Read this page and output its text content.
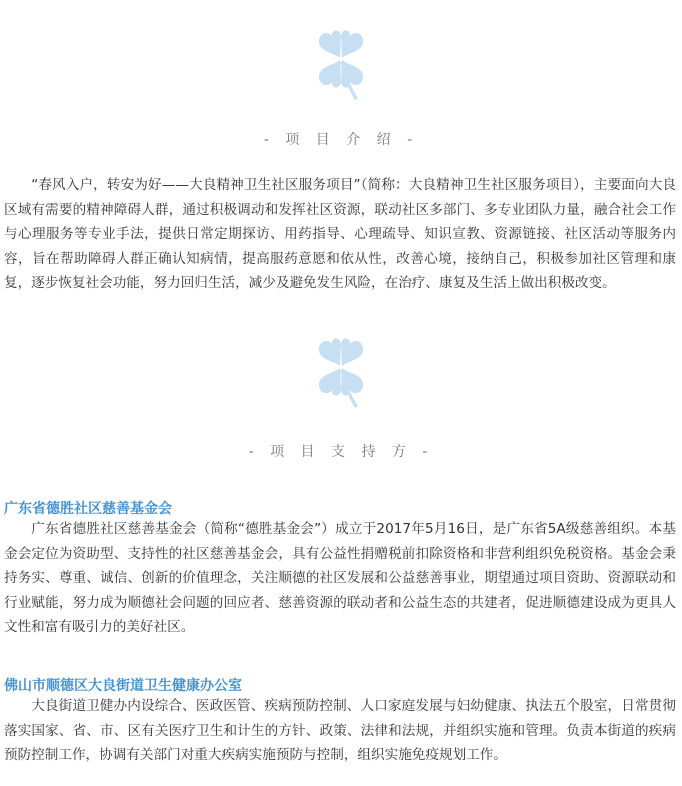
- 项 目 介 绍 -

“春风入户，转安为好——大良精神卫生社区服务项目”（简称：大良精神卫生社区服务项目），主要面向大良区域有需要的精神障碍人群，通过积极调动和发挥社区资源，联动社区多部门、多专业团队力量，融合社会工作与心理服务等专业手法，提供日常定期探访、用药指导、心理疏导、知识宣教、资源链接、社区活动等服务内容，旨在帮助障碍人群正确认知病情，提高服药意愿和依从性，改善心境，接纳自己，积极参加社区管理和康复，逐步恢复社会功能，努力回归生活，减少及避免发生风险，在治疗、康复及生活上做出积极改变。

- 项 目 支 持 方 -
广东省德胜社区慈善基金会

广东省德胜社区慈善基金会（简称“德胜基金会”）成立于2017年5月16日，是广东省5A级慈善组织。本基金会定位为资助型、支持性的社区慈善基金会，具有公益性捐赠税前扣除资格和非营利组织免税资格。基金会秉持务实、尊重、诚信、创新的价值理念，关注顺德的社区发展和公益慈善事业，期望通过项目资助、资源联动和行业赋能，努力成为顺德社会问题的回应者、慈善资源的联动者和公益生态的共建者，促进顺德建设成为更具人文性和富有吸引力的美好社区。

佛山市顺德区大良街道卫生健康办公室

大良街道卫健办内设综合、医政医管、疾病预防控制、人口家庭发展与妇幼健康、执法五个股室，日常贯彻落实国家、省、市、区有关医疗卫生和计生的方针、政策、法律和法规，并组织实施和管理。负责本街道的疾病预防控制工作，协调有关部门对重大疾病实施预防与控制，组织实施免疫规划工作。
